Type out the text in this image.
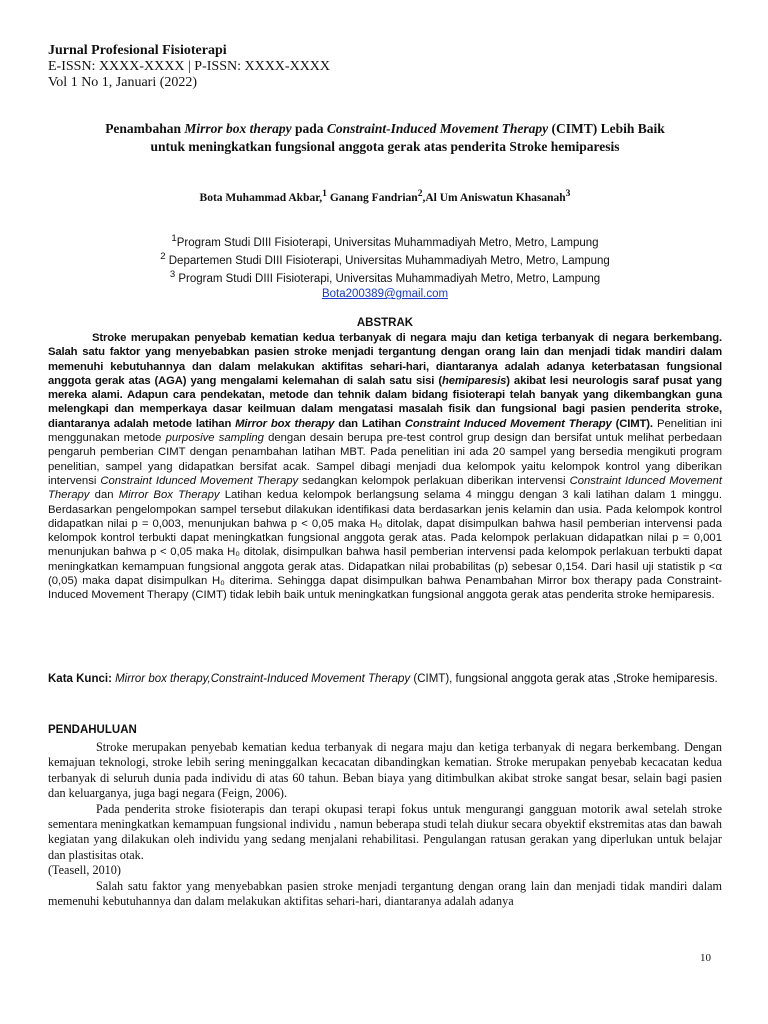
Jurnal Profesional Fisioterapi
E-ISSN: XXXX-XXXX | P-ISSN: XXXX-XXXX
Vol 1 No 1, Januari (2022)
Penambahan Mirror box therapy pada Constraint-Induced Movement Therapy (CIMT) Lebih Baik
untuk meningkatkan fungsional anggota gerak atas penderita Stroke hemiparesis
Bota Muhammad Akbar,$^1$ Ganang Fandrian$^2$,Al Um Aniswatun Khasanah$^3$
$^1$Program Studi DIII Fisioterapi, Universitas Muhammadiyah Metro, Metro, Lampung
$^2$ Departemen Studi DIII Fisioterapi, Universitas Muhammadiyah Metro, Metro, Lampung
$^3$ Program Studi DIII Fisioterapi, Universitas Muhammadiyah Metro, Metro, Lampung
Bota200389@gmail.com
ABSTRAK
Stroke merupakan penyebab kematian kedua terbanyak di negara maju dan ketiga terbanyak di negara berkembang. Salah satu faktor yang menyebabkan pasien stroke menjadi tergantung dengan orang lain dan menjadi tidak mandiri dalam memenuhi kebutuhannya dan dalam melakukan aktifitas sehari-hari, diantaranya adalah adanya keterbatasan fungsional anggota gerak atas (AGA) yang mengalami kelemahan di salah satu sisi (hemiparesis) akibat lesi neurologis saraf pusat yang mereka alami. Adapun cara pendekatan, metode dan tehnik dalam bidang fisioterapi telah banyak yang dikembangkan guna melengkapi dan memperkaya dasar keilmuan dalam mengatasi masalah fisik dan fungsional bagi pasien penderita stroke, diantaranya adalah metode latihan Mirror box therapy dan Latihan Constraint Induced Movement Therapy (CIMT). Penelitian ini menggunakan metode purposive sampling dengan desain berupa pre-test control grup design dan bersifat untuk melihat perbedaan pengaruh pemberian CIMT dengan penambahan latihan MBT. Pada penelitian ini ada 20 sampel yang bersedia mengikuti program penelitian, sampel yang didapatkan bersifat acak. Sampel dibagi menjadi dua kelompok yaitu kelompok kontrol yang diberikan intervensi Constraint Idunced Movement Therapy sedangkan kelompok perlakuan diberikan intervensi Constraint Idunced Movement Therapy dan Mirror Box Therapy Latihan kedua kelompok berlangsung selama 4 minggu dengan 3 kali latihan dalam 1 minggu. Berdasarkan pengelompokan sampel tersebut dilakukan identifikasi data berdasarkan jenis kelamin dan usia. Pada kelompok kontrol didapatkan nilai p = 0,003, menunjukan bahwa p < 0,05 maka H₀ ditolak, dapat disimpulkan bahwa hasil pemberian intervensi pada kelompok kontrol terbukti dapat meningkatkan fungsional anggota gerak atas. Pada kelompok perlakuan didapatkan nilai p = 0,001 menunjukan bahwa p < 0,05 maka H₀ ditolak, disimpulkan bahwa hasil pemberian intervensi pada kelompok perlakuan terbukti dapat meningkatkan kemampuan fungsional anggota gerak atas. Didapatkan nilai probabilitas (p) sebesar 0,154. Dari hasil uji statistik p <α (0,05) maka dapat disimpulkan H₀ diterima. Sehingga dapat disimpulkan bahwa Penambahan Mirror box therapy pada Constraint-Induced Movement Therapy (CIMT) tidak lebih baik untuk meningkatkan fungsional anggota gerak atas penderita stroke hemiparesis.
Kata Kunci: Mirror box therapy,Constraint-Induced Movement Therapy (CIMT), fungsional anggota gerak atas ,Stroke hemiparesis.
PENDAHULUAN

Stroke merupakan penyebab kematian kedua terbanyak di negara maju dan ketiga terbanyak di negara berkembang. Dengan kemajuan teknologi, stroke lebih sering meninggalkan kecacatan dibandingkan kematian. Stroke merupakan penyebab kecacatan kedua terbanyak di seluruh dunia pada individu di atas 60 tahun. Beban biaya yang ditimbulkan akibat stroke sangat besar, selain bagi pasien dan keluarganya, juga bagi negara (Feign, 2006).

Pada penderita stroke fisioterapis dan terapi okupasi terapi fokus untuk mengurangi gangguan motorik awal setelah stroke sementara meningkatkan kemampuan fungsional individu , namun beberapa studi telah diukur secara obyektif ekstremitas atas dan bawah kegiatan yang dilakukan oleh individu yang sedang menjalani rehabilitasi. Pengulangan ratusan gerakan yang diperlukan untuk belajar dan plastisitas otak.

(Teasell, 2010)

Salah satu faktor yang menyebabkan pasien stroke menjadi tergantung dengan orang lain dan menjadi tidak mandiri dalam memenuhi kebutuhannya dan dalam melakukan aktifitas sehari-hari, diantaranya adalah adanya

10
